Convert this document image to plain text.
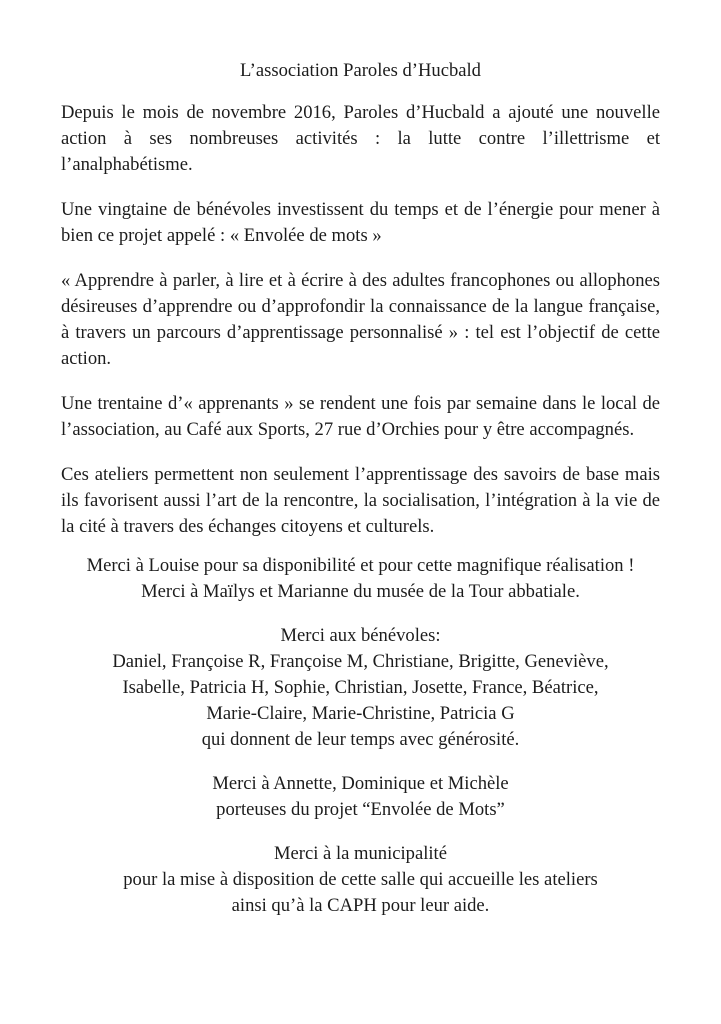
L’association Paroles d’Hucbald
Depuis le mois de novembre 2016, Paroles d’Hucbald a ajouté une nouvelle action à ses nombreuses activités : la lutte contre l’illettrisme et l’analphabétisme.
Une vingtaine de bénévoles investissent du temps et de l’énergie pour mener à bien ce projet appelé : « Envolée de mots »
« Apprendre à parler, à lire et à écrire à des adultes francophones ou allophones désireuses d’apprendre ou d’approfondir la connaissance de la langue française, à travers un parcours d’apprentissage personnalisé » : tel est l’objectif de cette action.
Une trentaine d’« apprenants » se rendent une fois par semaine dans le local de l’association, au Café aux Sports, 27 rue d’Orchies pour y être accompagnés.
Ces ateliers permettent non seulement l’apprentissage des savoirs de base mais ils favorisent aussi l’art de la rencontre, la socialisation, l’intégration à la vie de la cité à travers des échanges citoyens et culturels.
Merci à Louise pour sa disponibilité et pour cette magnifique réalisation !
Merci à Maïlys et Marianne du musée de la Tour abbatiale.
Merci aux bénévoles:
Daniel, Françoise R, Françoise M, Christiane, Brigitte, Geneviève,
Isabelle, Patricia H, Sophie, Christian, Josette, France, Béatrice,
Marie-Claire, Marie-Christine, Patricia G
qui donnent de leur temps avec générosité.
Merci à Annette, Dominique et Michèle
porteuses du projet “Envolée de Mots”
Merci à la municipalité
pour la mise à disposition de cette salle qui accueille les ateliers
ainsi qu’à la CAPH pour leur aide.
